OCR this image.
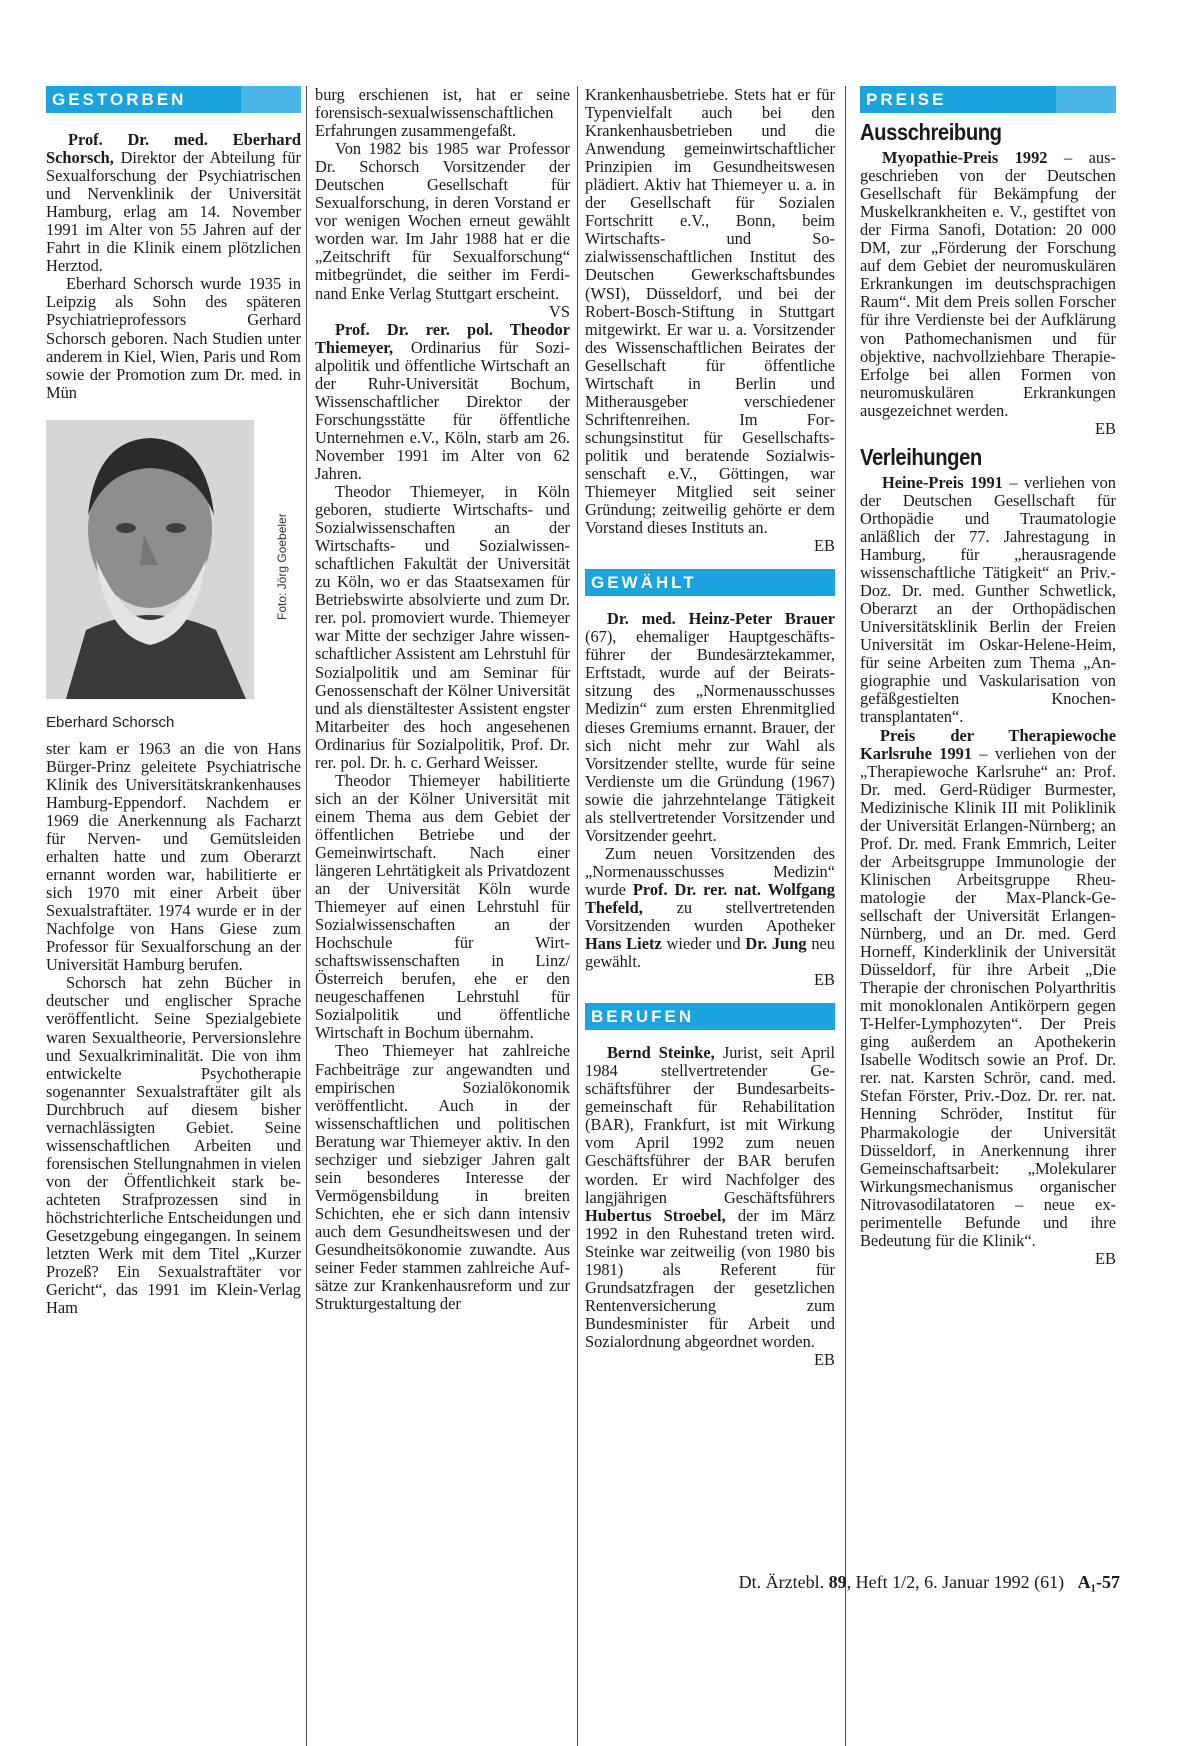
GESTORBEN

Prof. Dr. med. Eberhard Schorsch, Direktor der Abteilung für Sexualforschung der Psychiatrischen und Nervenklinik der Universität Hamburg, erlag am 14. November 1991 im Alter von 55 Jahren auf der Fahrt in die Klinik einem plötzlichen Herztod.

Eberhard Schorsch wurde 1935 in Leipzig als Sohn des späteren Psychiatrieprofessors Gerhard Schorsch geboren. Nach Studien unter anderem in Kiel, Wien, Paris und Rom sowie der Promotion zum Dr. med. in Mün

Foto: Jörg Goebeler
Eberhard Schorsch

ster kam er 1963 an die von Hans Bürger-Prinz geleitete Psychiatrische Klinik des Universitätskrankenhauses Hamburg-Eppendorf. Nachdem er 1969 die Anerkennung als Facharzt für Nerven- und Gemütsleiden erhalten hatte und zum Oberarzt ernannt worden war, habilitierte er sich 1970 mit einer Arbeit über Sexualstraftäter. 1974 wurde er in der Nachfolge von Hans Giese zum Professor für Sexualforschung an der Universität Hamburg berufen.

Schorsch hat zehn Bücher in deutscher und englischer Sprache veröffentlicht. Seine Spezialgebiete waren Sexualtheorie, Perversionslehre und Sexualkriminalität. Die von ihm entwickelte Psychotherapie sogenannter Sexualstraftäter gilt als Durchbruch auf diesem bisher vernachlässigten Gebiet. Seine wissenschaftlichen Arbeiten und forensischen Stellungnahmen in vielen von der Öffentlichkeit stark beachteten Strafprozessen sind in höchstrichterliche Entscheidungen und Gesetzgebung eingegangen. In seinem letzten Werk mit dem Titel „Kurzer Prozeß? Ein Sexualstraftäter vor Gericht“, das 1991 im Klein-Verlag Ham

burg erschienen ist, hat er seine forensisch-sexualwissenschaftlichen Erfahrungen zusammengefaßt.

Von 1982 bis 1985 war Professor Dr. Schorsch Vorsitzender der Deutschen Gesellschaft für Sexualforschung, in deren Vorstand er vor wenigen Wochen erneut gewählt worden war. Im Jahr 1988 hat er die „Zeitschrift für Sexualforschung“ mitbegründet, die seither im Ferdinand Enke Verlag Stuttgart erscheint.

VS

Prof. Dr. rer. pol. Theodor Thiemeyer, Ordinarius für Sozialpolitik und öffentliche Wirtschaft an der Ruhr-Universität Bochum, Wissenschaftlicher Direktor der Forschungsstätte für öffentliche Unternehmen e.V., Köln, starb am 26. November 1991 im Alter von 62 Jahren.

Theodor Thiemeyer, in Köln geboren, studierte Wirtschafts- und Sozialwissenschaften an der Wirtschafts- und Sozialwissenschaftlichen Fakultät der Universität zu Köln, wo er das Staatsexamen für Betriebswirte absolvierte und zum Dr. rer. pol. promoviert wurde. Thiemeyer war Mitte der sechziger Jahre wissenschaftlicher Assistent am Lehrstuhl für Sozialpolitik und am Seminar für Genossenschaft der Kölner Universität und als dienstältester Assistent engster Mitarbeiter des hoch angesehenen Ordinarius für Sozialpolitik, Prof. Dr. rer. pol. Dr. h. c. Gerhard Weisser.

Theodor Thiemeyer habilitierte sich an der Kölner Universität mit einem Thema aus dem Gebiet der öffentlichen Betriebe und der Gemeinwirtschaft. Nach einer längeren Lehrtätigkeit als Privatdozent an der Universität Köln wurde Thiemeyer auf einen Lehrstuhl für Sozialwissenschaften an der Hochschule für Wirtschaftswissenschaften in Linz/ Österreich berufen, ehe er den neugeschaffenen Lehrstuhl für Sozialpolitik und öffentliche Wirtschaft in Bochum übernahm.

Theo Thiemeyer hat zahlreiche Fachbeiträge zur angewandten und empirischen Sozialökonomik veröffentlicht. Auch in der wissenschaftlichen und politischen Beratung war Thiemeyer aktiv. In den sechziger und siebziger Jahren galt sein besonderes Interesse der Vermögensbildung in breiten Schichten, ehe er sich dann intensiv auch dem Gesundheitswesen und der Gesundheitsökonomie zuwandte. Aus seiner Feder stammen zahlreiche Aufsätze zur Krankenhausreform und zur Strukturgestaltung der

Krankenhausbetriebe. Stets hat er für Typenvielfalt auch bei den Krankenhausbetrieben und die Anwendung gemeinwirtschaftlicher Prinzipien im Gesundheitswesen plädiert. Aktiv hat Thiemeyer u. a. in der Gesellschaft für Sozialen Fortschritt e.V., Bonn, beim Wirtschafts- und Sozialwissenschaftlichen Institut des Deutschen Gewerkschaftsbundes (WSI), Düsseldorf, und bei der Robert-Bosch-Stiftung in Stuttgart mitgewirkt. Er war u. a. Vorsitzender des Wissenschaftlichen Beirates der Gesellschaft für öffentliche Wirtschaft in Berlin und Mitherausgeber verschiedener Schriftenreihen. Im Forschungsinstitut für Gesellschaftspolitik und beratende Sozialwissenschaft e.V., Göttingen, war Thiemeyer Mitglied seit seiner Gründung; zeitweilig gehörte er dem Vorstand dieses Instituts an.

EB
GEWÄHLT

Dr. med. Heinz-Peter Brauer (67), ehemaliger Hauptgeschäftsführer der Bundesärztekammer, Erftstadt, wurde auf der Beiratssitzung des „Normenausschusses Medizin“ zum ersten Ehrenmitglied dieses Gremiums ernannt. Brauer, der sich nicht mehr zur Wahl als Vorsitzender stellte, wurde für seine Verdienste um die Gründung (1967) sowie die jahrzehntelange Tätigkeit als stellvertretender Vorsitzender und Vorsitzender geehrt.

Zum neuen Vorsitzenden des „Normenausschusses Medizin“ wurde Prof. Dr. rer. nat. Wolfgang Thefeld, zu stellvertretenden Vorsitzenden wurden Apotheker Hans Lietz wieder und Dr. Jung neu gewählt.

EB
BERUFEN

Bernd Steinke, Jurist, seit April 1984 stellvertretender Geschäftsführer der Bundesarbeitsgemeinschaft für Rehabilitation (BAR), Frankfurt, ist mit Wirkung vom April 1992 zum neuen Geschäftsführer der BAR berufen worden. Er wird Nachfolger des langjährigen Geschäftsführers Hubertus Stroebel, der im März 1992 in den Ruhestand treten wird. Steinke war zeitweilig (von 1980 bis 1981) als Referent für Grundsatzfragen der gesetzlichen Rentenversicherung zum Bundesminister für Arbeit und Sozialordnung abgeordnet worden.

EB
PREISE
Ausschreibung

Myopathie-Preis 1992 – ausgeschrieben von der Deutschen Gesellschaft für Bekämpfung der Muskelkrankheiten e. V., gestiftet von der Firma Sanofi, Dotation: 20 000 DM, zur „Förderung der Forschung auf dem Gebiet der neuromuskulären Erkrankungen im deutschsprachigen Raum“. Mit dem Preis sollen Forscher für ihre Verdienste bei der Aufklärung von Pathomechanismen und für objektive, nachvollziehbare Therapie-Erfolge bei allen Formen von neuromuskulären Erkrankungen ausgezeichnet werden.

EB
Verleihungen

Heine-Preis 1991 – verliehen von der Deutschen Gesellschaft für Orthopädie und Traumatologie anläßlich der 77. Jahrestagung in Hamburg, für „herausragende wissenschaftliche Tätigkeit“ an Priv.-Doz. Dr. med. Gunther Schwetlick, Oberarzt an der Orthopädischen Universitätsklinik Berlin der Freien Universität im Oskar-Helene-Heim, für seine Arbeiten zum Thema „Angiographie und Vaskularisation von gefäßgestielten Knochentransplantaten“.

Preis der Therapiewoche Karlsruhe 1991 – verliehen von der „Therapiewoche Karlsruhe“ an: Prof. Dr. med. Gerd-Rüdiger Burmester, Medizinische Klinik III mit Poliklinik der Universität Erlangen-Nürnberg; an Prof. Dr. med. Frank Emmrich, Leiter der Arbeitsgruppe Immunologie der Klinischen Arbeitsgruppe Rheumatologie der Max-Planck-Gesellschaft der Universität Erlangen-Nürnberg, und an Dr. med. Gerd Horneff, Kinderklinik der Universität Düsseldorf, für ihre Arbeit „Die Therapie der chronischen Polyarthritis mit monoklonalen Antikörpern gegen T-Helfer-Lymphozyten“. Der Preis ging außerdem an Apothekerin Isabelle Woditsch sowie an Prof. Dr. rer. nat. Karsten Schrör, cand. med. Stefan Förster, Priv.-Doz. Dr. rer. nat. Henning Schröder, Institut für Pharmakologie der Universität Düsseldorf, in Anerkennung ihrer Gemeinschaftsarbeit: „Molekularer Wirkungsmechanismus organischer Nitrovasodilatatoren – neue experimentelle Befunde und ihre Bedeutung für die Klinik“.

EB
Dt. Ärztebl. 89, Heft 1/2, 6. Januar 1992 (61) A₁-57
